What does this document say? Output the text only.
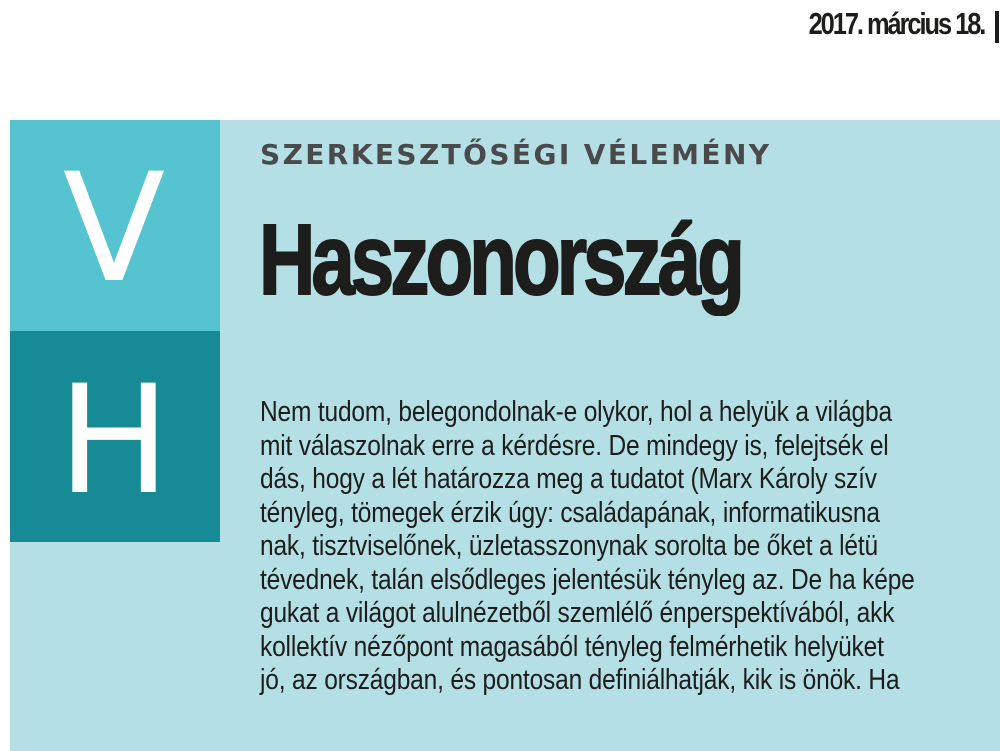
2017. március 18.
V
H
SZERKESZTŐSÉGI VÉLEMÉNY
Haszonország
Nem tudom, belegondolnak-e olykor, hol a helyük a világba
mit válaszolnak erre a kérdésre. De mindegy is, felejtsék el
dás, hogy a lét határozza meg a tudatot (Marx Károly szív
tényleg, tömegek érzik úgy: családapának, informatikusna
nak, tisztviselőnek, üzletasszonynak sorolta be őket a létü
tévednek, talán elsődleges jelentésük tényleg az. De ha képe
gukat a világot alulnézetből szemlélő énperspektívából, akk
kollektív nézőpont magasából tényleg felmérhetik helyüket
jó, az országban, és pontosan definiálhatják, kik is önök. Ha
